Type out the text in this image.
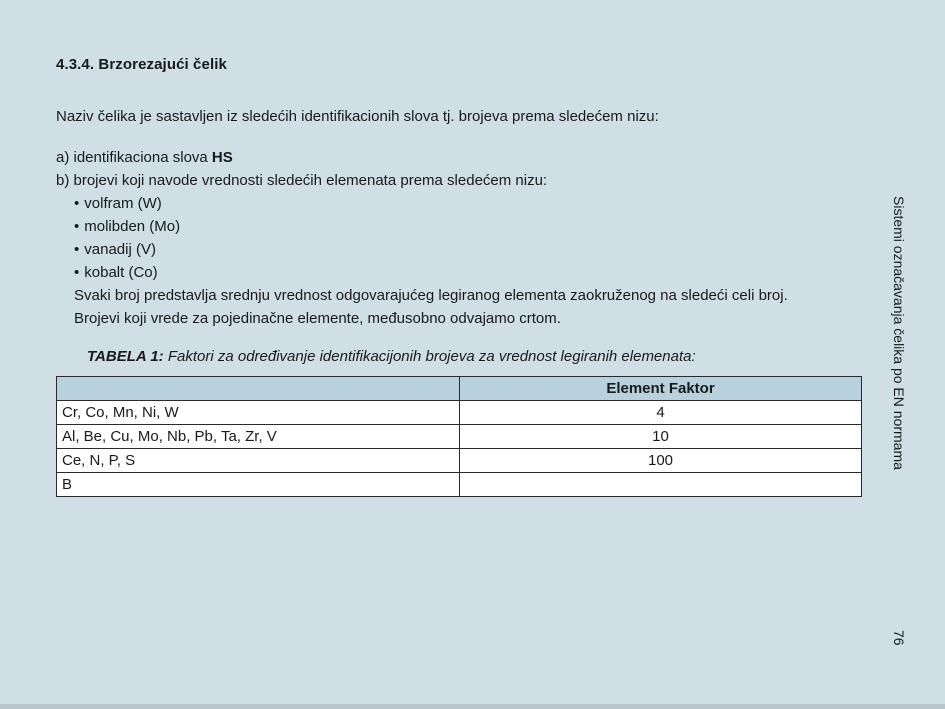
4.3.4. Brzorezajući čelik
Naziv čelika je sastavljen iz sledećih identifikacionih slova tj. brojeva prema sledećem nizu:
a) identifikaciona slova HS
b) brojevi koji navode vrednosti sledećih elemenata prema sledećem nizu:
• volfram (W)
• molibden (Mo)
• vanadij (V)
• kobalt (Co)
Svaki broj predstavlja srednju vrednost odgovarajućeg legiranog elementa zaokruženog na sledeći celi broj.
Brojevi koji vrede za pojedinačne elemente, međusobno odvajamo crtom.
TABELA 1: Faktori za određivanje identifikacijonih brojeva za vrednost legiranih elemenata:
	Element Faktor
Cr, Co, Mn, Ni, W	4
Al, Be, Cu, Mo, Nb, Pb, Ta, Zr, V	10
Ce, N, P, S	100
B	
Sistemi označavanja čelika po EN normama
76
